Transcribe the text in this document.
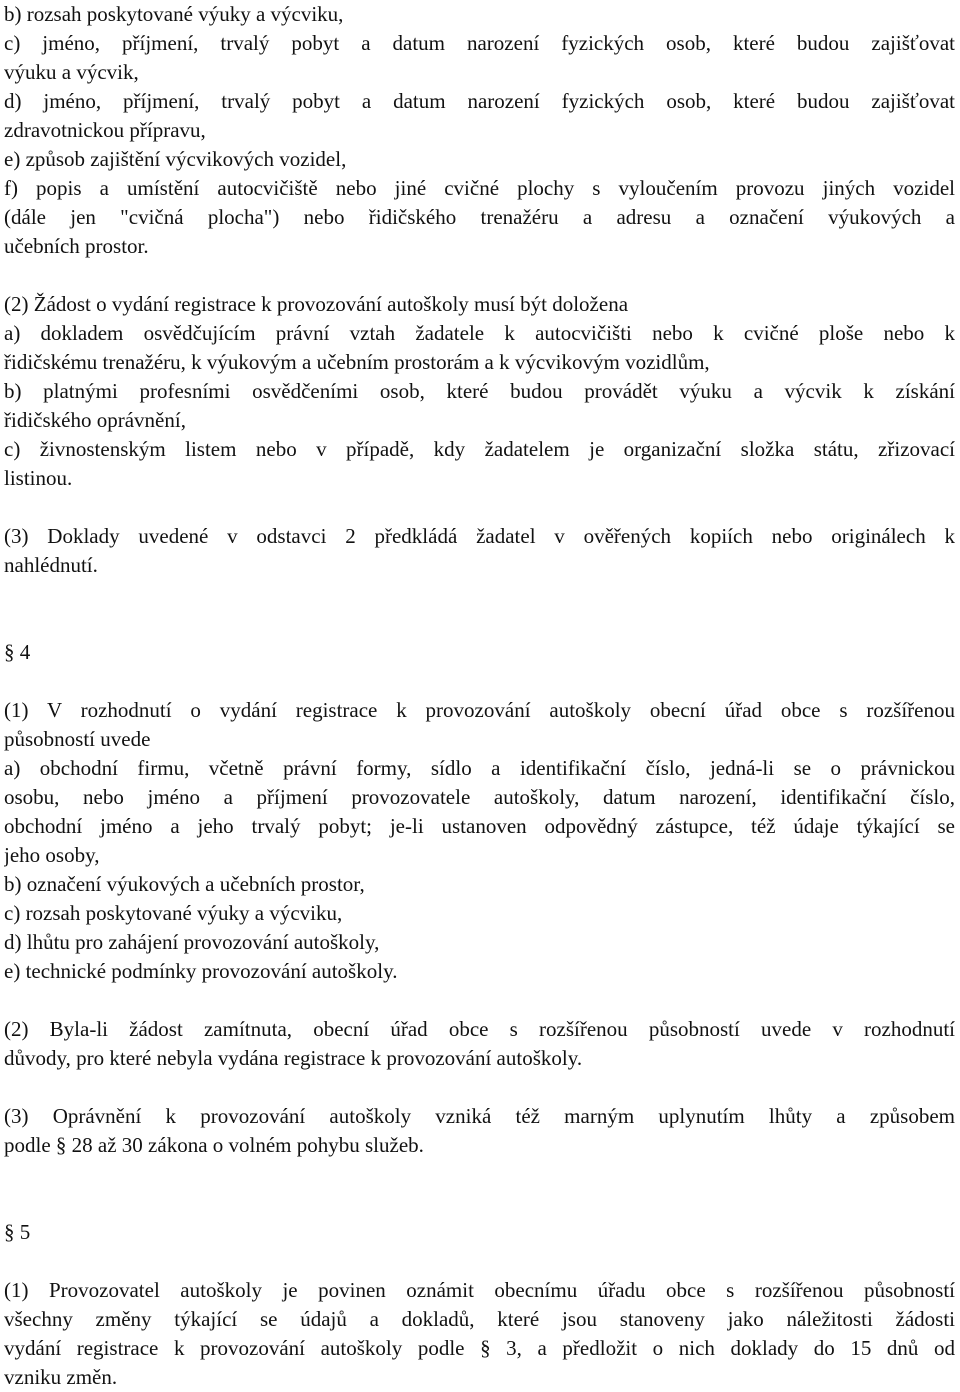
b) rozsah poskytované výuky a výcviku,
c) jméno, příjmení, trvalý pobyt a datum narození fyzických osob, které budou zajišťovat
výuku a výcvik,
d) jméno, příjmení, trvalý pobyt a datum narození fyzických osob, které budou zajišťovat
zdravotnickou přípravu,
e) způsob zajištění výcvikových vozidel,
f) popis a umístění autocvičiště nebo jiné cvičné plochy s vyloučením provozu jiných vozidel
(dále jen "cvičná plocha") nebo řidičského trenažéru a adresu a označení výukových a
učebních prostor.
(2) Žádost o vydání registrace k provozování autoškoly musí být doložena
a) dokladem osvědčujícím právní vztah žadatele k autocvičišti nebo k cvičné ploše nebo k
řidičskému trenažéru, k výukovým a učebním prostorám a k výcvikovým vozidlům,
b) platnými profesními osvědčeními osob, které budou provádět výuku a výcvik k získání
řidičského oprávnění,
c) živnostenským listem nebo v případě, kdy žadatelem je organizační složka státu, zřizovací
listinou.
(3) Doklady uvedené v odstavci 2 předkládá žadatel v ověřených kopiích nebo originálech k
nahlédnutí.
§ 4
(1) V rozhodnutí o vydání registrace k provozování autoškoly obecní úřad obce s rozšířenou
působností uvede
a) obchodní firmu, včetně právní formy, sídlo a identifikační číslo, jedná-li se o právnickou
osobu, nebo jméno a příjmení provozovatele autoškoly, datum narození, identifikační číslo,
obchodní jméno a jeho trvalý pobyt; je-li ustanoven odpovědný zástupce, též údaje týkající se
jeho osoby,
b) označení výukových a učebních prostor,
c) rozsah poskytované výuky a výcviku,
d) lhůtu pro zahájení provozování autoškoly,
e) technické podmínky provozování autoškoly.
(2) Byla-li žádost zamítnuta, obecní úřad obce s rozšířenou působností uvede v rozhodnutí
důvody, pro které nebyla vydána registrace k provozování autoškoly.
(3) Oprávnění k provozování autoškoly vzniká též marným uplynutím lhůty a způsobem
podle § 28 až 30 zákona o volném pohybu služeb.
§ 5
(1) Provozovatel autoškoly je povinen oznámit obecnímu úřadu obce s rozšířenou působností
všechny změny týkající se údajů a dokladů, které jsou stanoveny jako náležitosti žádosti
vydání registrace k provozování autoškoly podle § 3, a předložit o nich doklady do 15 dnů od
vzniku změn.
